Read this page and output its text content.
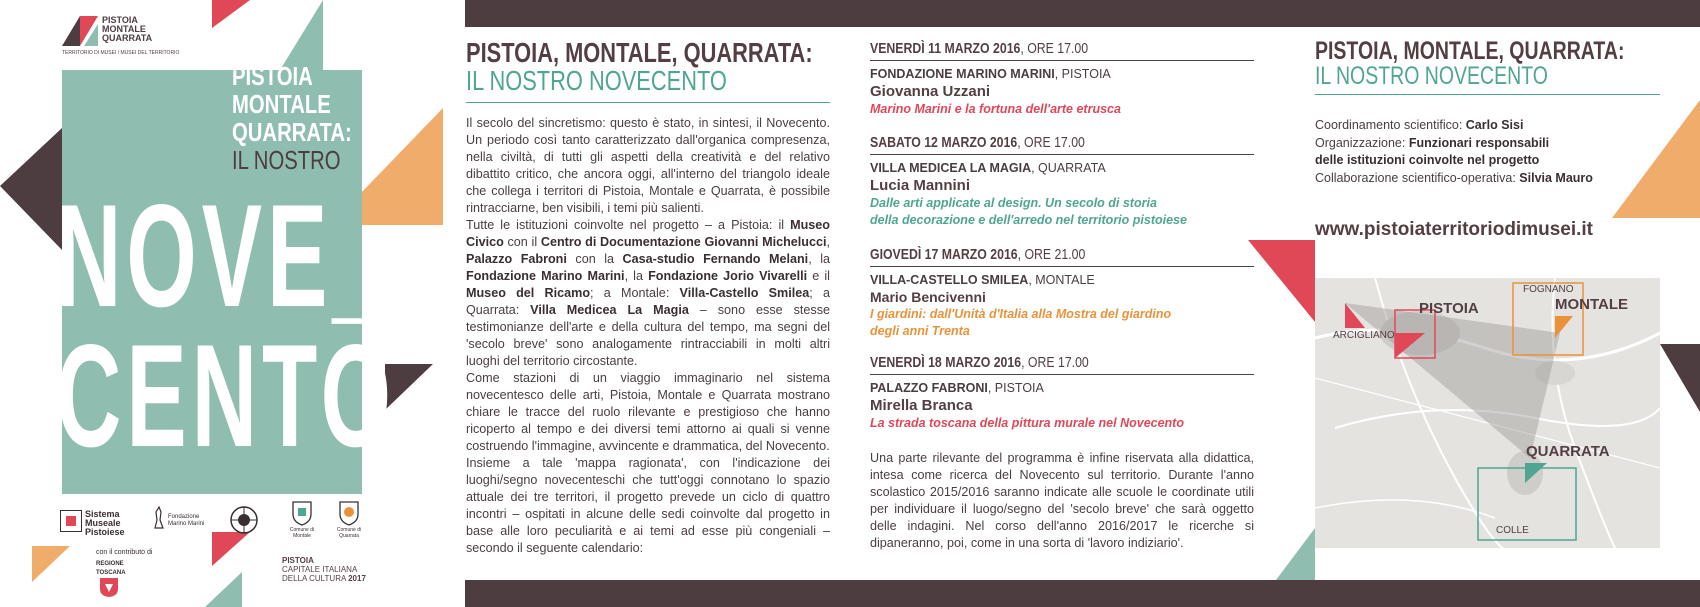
PISTOIA
MONTALE
QUARRATA
TERRITORIO DI MUSEI / MUSEI DEL TERRITORIO
PISTOIA
MONTALE
QUARRATA:
IL NOSTRO
NOVE_
CENTO
Sistema Museale Pistoiese
Fondazione Marino Marini
Comune di Montale
Comune di Quarrata
con il contributo di
REGIONE TOSCANA
PISTOIA
CAPITALE ITALIANA
DELLA CULTURA 2017
PISTOIA, MONTALE, QUARRATA:
IL NOSTRO NOVECENTO
Il secolo del sincretismo: questo è stato, in sintesi, il Novecento. Un periodo così tanto caratterizzato dall'organica compresenza, nella civiltà, di tutti gli aspetti della creatività e del relativo dibattito critico, che ancora oggi, all'interno del triangolo ideale che collega i territori di Pistoia, Montale e Quarrata, è possibile rintracciarne, ben visibili, i temi più salienti.
Tutte le istituzioni coinvolte nel progetto – a Pistoia: il Museo Civico con il Centro di Documentazione Giovanni Michelucci, Palazzo Fabroni con la Casa-studio Fernando Melani, la Fondazione Marino Marini, la Fondazione Jorio Vivarelli e il Museo del Ricamo; a Montale: Villa-Castello Smilea; a Quarrata: Villa Medicea La Magia – sono esse stesse testimonianze dell'arte e della cultura del tempo, ma segni del 'secolo breve' sono analogamente rintracciabili in molti altri luoghi del territorio circostante.
Come stazioni di un viaggio immaginario nel sistema novecentesco delle arti, Pistoia, Montale e Quarrata mostrano chiare le tracce del ruolo rilevante e prestigioso che hanno ricoperto al tempo e dei diversi temi attorno ai quali si venne costruendo l'immagine, avvincente e drammatica, del Novecento.
Insieme a tale 'mappa ragionata', con l'indicazione dei luoghi/segno novecenteschi che tutt'oggi connotano lo spazio attuale dei tre territori, il progetto prevede un ciclo di quattro incontri – ospitati in alcune delle sedi coinvolte dal progetto in base alle loro peculiarità e ai temi ad esse più congeniali – secondo il seguente calendario:
VENERDÌ 11 MARZO 2016, ORE 17.00
FONDAZIONE MARINO MARINI, PISTOIA
Giovanna Uzzani
Marino Marini e la fortuna dell'arte etrusca
SABATO 12 MARZO 2016, ORE 17.00
VILLA MEDICEA LA MAGIA, QUARRATA
Lucia Mannini
Dalle arti applicate al design. Un secolo di storia
della decorazione e dell'arredo nel territorio pistoiese
GIOVEDÌ 17 MARZO 2016, ORE 21.00
VILLA-CASTELLO SMILEA, MONTALE
Mario Bencivenni
I giardini: dall'Unità d'Italia alla Mostra del giardino
degli anni Trenta
VENERDÌ 18 MARZO 2016, ORE 17.00
PALAZZO FABRONI, PISTOIA
Mirella Branca
La strada toscana della pittura murale nel Novecento
Una parte rilevante del programma è infine riservata alla didattica, intesa come ricerca del Novecento sul territorio. Durante l'anno scolastico 2015/2016 saranno indicate alle scuole le coordinate utili per individuare il luogo/segno del 'secolo breve' che sarà oggetto delle indagini. Nel corso dell'anno 2016/2017 le ricerche si dipaneranno, poi, come in una sorta di 'lavoro indiziario'.
PISTOIA, MONTALE, QUARRATA:
IL NOSTRO NOVECENTO
Coordinamento scientifico: Carlo Sisi
Organizzazione: Funzionari responsabili
delle istituzioni coinvolte nel progetto
Collaborazione scientifico-operativa: Silvia Mauro
www.pistoiaterritoriodimusei.it
PISTOIA
ARCIGLIANO
FOGNANO
MONTALE
QUARRATA
COLLE
